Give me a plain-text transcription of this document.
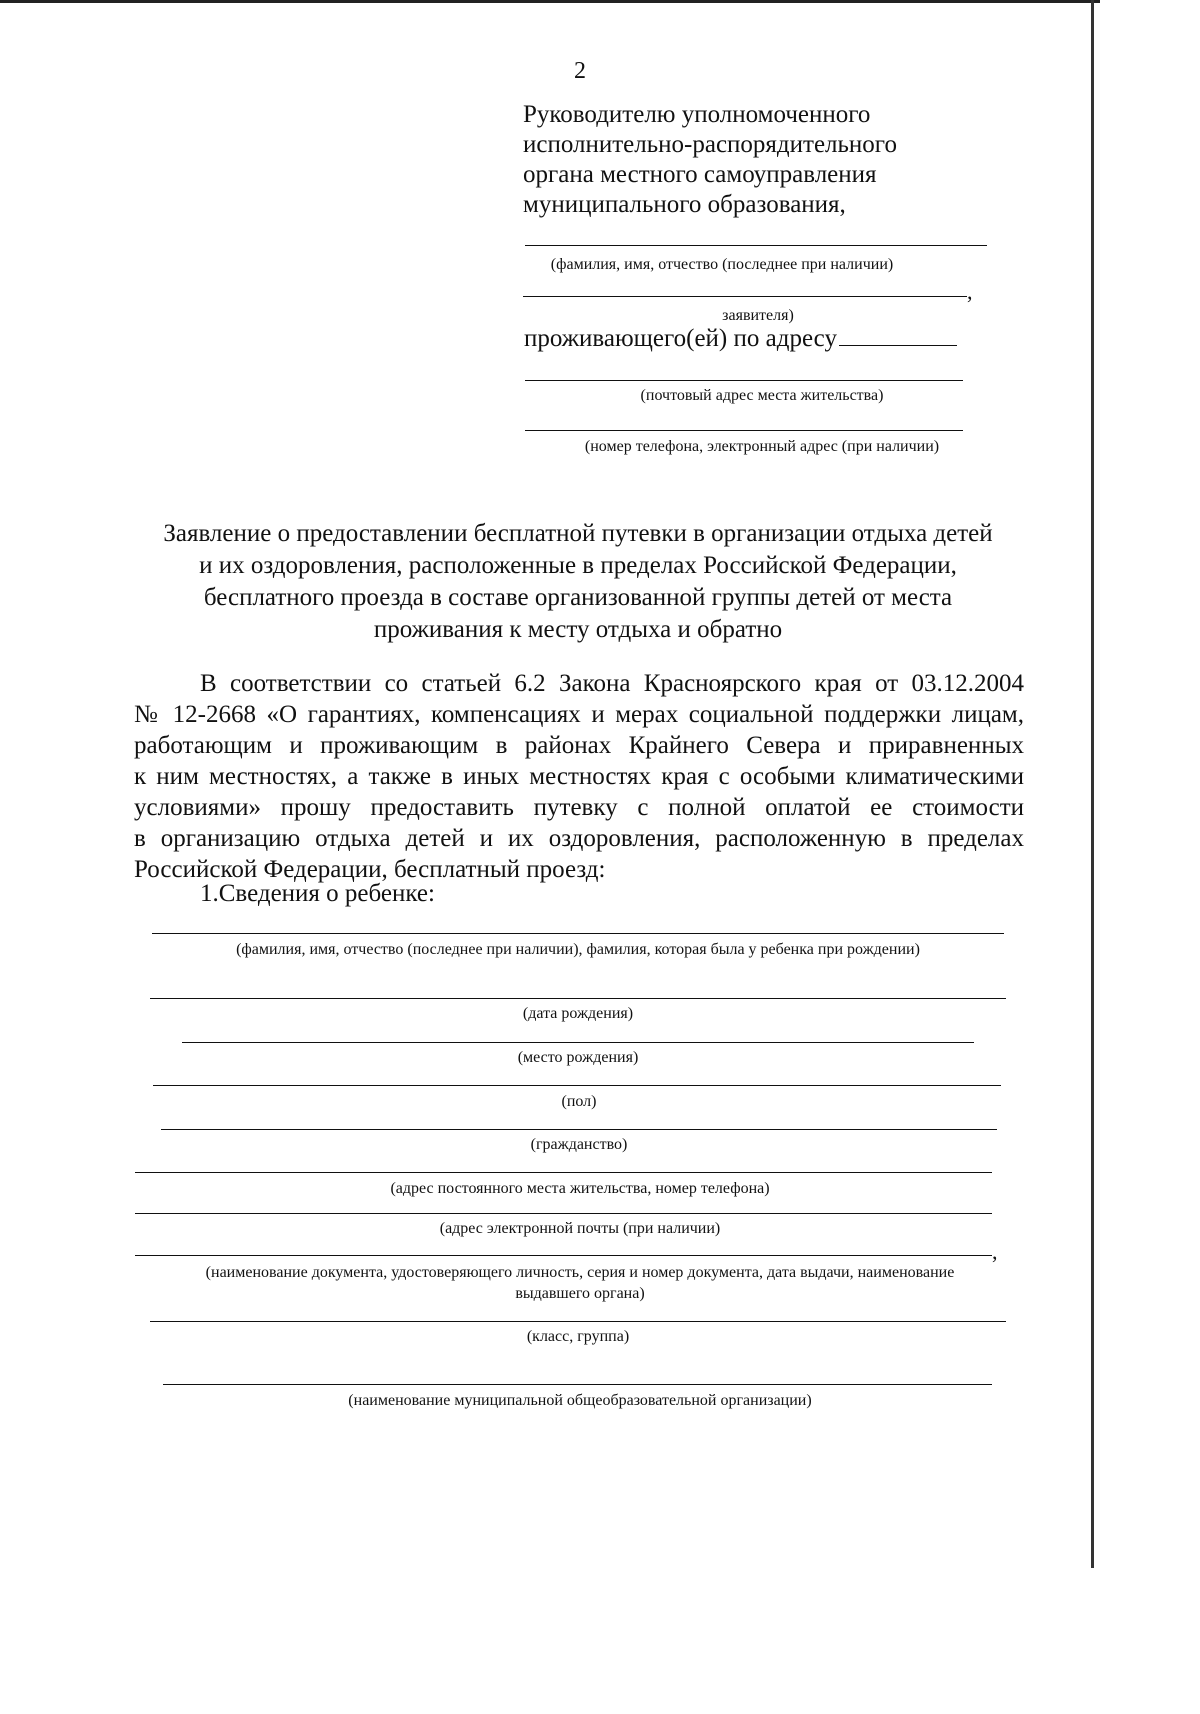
2
Руководителю уполномоченного
исполнительно-распорядительного
органа местного самоуправления
муниципального образования,
(фамилия, имя, отчество (последнее при наличии)
,
заявителя)
проживающего(ей) по адресу
(почтовый адрес места жительства)
(номер телефона, электронный адрес (при наличии)
Заявление о предоставлении бесплатной путевки в организации отдыха детей
и их оздоровления, расположенные в пределах Российской Федерации,
бесплатного проезда в составе организованной группы детей от места
проживания к месту отдыха и обратно
В соответствии со статьей 6.2 Закона Красноярского края от 03.12.2004
№ 12-2668 «О гарантиях, компенсациях и мерах социальной поддержки лицам,
работающим и проживающим в районах Крайнего Севера и приравненных
к ним местностях, а также в иных местностях края с особыми климатическими
условиями» прошу предоставить путевку с полной оплатой ее стоимости
в организацию отдыха детей и их оздоровления, расположенную в пределах
Российской Федерации, бесплатный проезд:
1.Сведения о ребенке:
(фамилия, имя, отчество (последнее при наличии), фамилия, которая была у ребенка при рождении)
(дата рождения)
(место рождения)
(пол)
(гражданство)
(адрес постоянного места жительства, номер телефона)
(адрес электронной почты (при наличии)
,
(наименование документа, удостоверяющего личность, серия и номер документа, дата выдачи, наименование
выдавшего органа)
(класс, группа)
(наименование муниципальной общеобразовательной организации)
